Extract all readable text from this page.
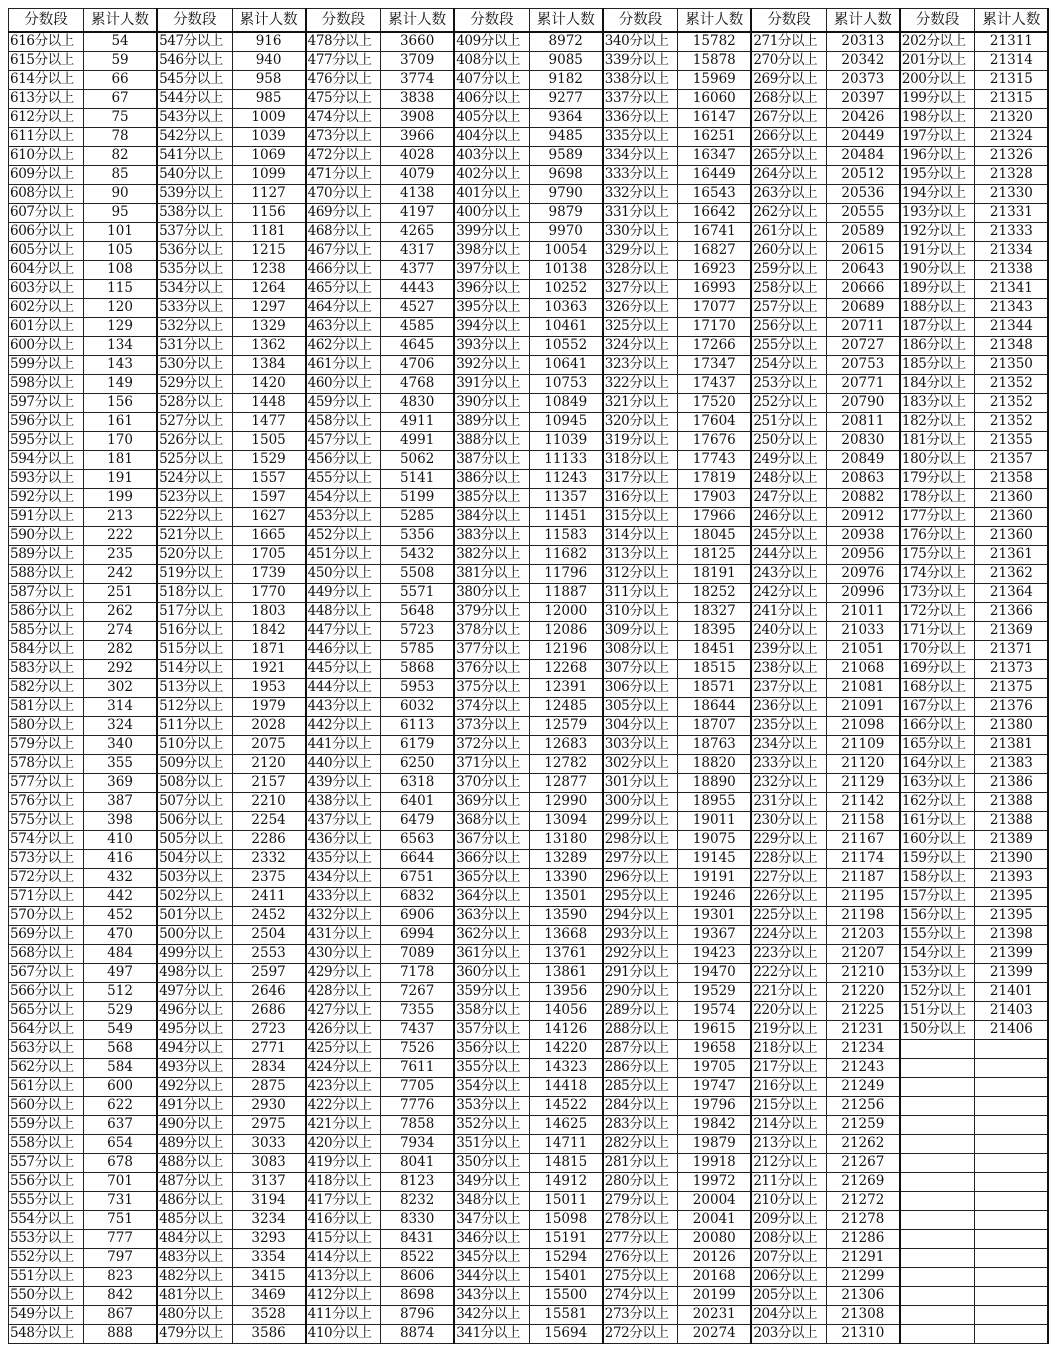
分数段	累计人数	分数段	累计人数	分数段	累计人数	分数段	累计人数	分数段	累计人数	分数段	累计人数	分数段	累计人数
616分以上	54	547分以上	916	478分以上	3660	409分以上	8972	340分以上	15782	271分以上	20313	202分以上	21311
615分以上	59	546分以上	940	477分以上	3709	408分以上	9085	339分以上	15878	270分以上	20342	201分以上	21314
614分以上	66	545分以上	958	476分以上	3774	407分以上	9182	338分以上	15969	269分以上	20373	200分以上	21315
613分以上	67	544分以上	985	475分以上	3838	406分以上	9277	337分以上	16060	268分以上	20397	199分以上	21315
612分以上	75	543分以上	1009	474分以上	3908	405分以上	9364	336分以上	16147	267分以上	20426	198分以上	21320
611分以上	78	542分以上	1039	473分以上	3966	404分以上	9485	335分以上	16251	266分以上	20449	197分以上	21324
610分以上	82	541分以上	1069	472分以上	4028	403分以上	9589	334分以上	16347	265分以上	20484	196分以上	21326
609分以上	85	540分以上	1099	471分以上	4079	402分以上	9698	333分以上	16449	264分以上	20512	195分以上	21328
608分以上	90	539分以上	1127	470分以上	4138	401分以上	9790	332分以上	16543	263分以上	20536	194分以上	21330
607分以上	95	538分以上	1156	469分以上	4197	400分以上	9879	331分以上	16642	262分以上	20555	193分以上	21331
606分以上	101	537分以上	1181	468分以上	4265	399分以上	9970	330分以上	16741	261分以上	20589	192分以上	21333
605分以上	105	536分以上	1215	467分以上	4317	398分以上	10054	329分以上	16827	260分以上	20615	191分以上	21334
604分以上	108	535分以上	1238	466分以上	4377	397分以上	10138	328分以上	16923	259分以上	20643	190分以上	21338
603分以上	115	534分以上	1264	465分以上	4443	396分以上	10252	327分以上	16993	258分以上	20666	189分以上	21341
602分以上	120	533分以上	1297	464分以上	4527	395分以上	10363	326分以上	17077	257分以上	20689	188分以上	21343
601分以上	129	532分以上	1329	463分以上	4585	394分以上	10461	325分以上	17170	256分以上	20711	187分以上	21344
600分以上	134	531分以上	1362	462分以上	4645	393分以上	10552	324分以上	17266	255分以上	20727	186分以上	21348
599分以上	143	530分以上	1384	461分以上	4706	392分以上	10641	323分以上	17347	254分以上	20753	185分以上	21350
598分以上	149	529分以上	1420	460分以上	4768	391分以上	10753	322分以上	17437	253分以上	20771	184分以上	21352
597分以上	156	528分以上	1448	459分以上	4830	390分以上	10849	321分以上	17520	252分以上	20790	183分以上	21352
596分以上	161	527分以上	1477	458分以上	4911	389分以上	10945	320分以上	17604	251分以上	20811	182分以上	21352
595分以上	170	526分以上	1505	457分以上	4991	388分以上	11039	319分以上	17676	250分以上	20830	181分以上	21355
594分以上	181	525分以上	1529	456分以上	5062	387分以上	11133	318分以上	17743	249分以上	20849	180分以上	21357
593分以上	191	524分以上	1557	455分以上	5141	386分以上	11243	317分以上	17819	248分以上	20863	179分以上	21358
592分以上	199	523分以上	1597	454分以上	5199	385分以上	11357	316分以上	17903	247分以上	20882	178分以上	21360
591分以上	213	522分以上	1627	453分以上	5285	384分以上	11451	315分以上	17966	246分以上	20912	177分以上	21360
590分以上	222	521分以上	1665	452分以上	5356	383分以上	11583	314分以上	18045	245分以上	20938	176分以上	21360
589分以上	235	520分以上	1705	451分以上	5432	382分以上	11682	313分以上	18125	244分以上	20956	175分以上	21361
588分以上	242	519分以上	1739	450分以上	5508	381分以上	11796	312分以上	18191	243分以上	20976	174分以上	21362
587分以上	251	518分以上	1770	449分以上	5571	380分以上	11887	311分以上	18252	242分以上	20996	173分以上	21364
586分以上	262	517分以上	1803	448分以上	5648	379分以上	12000	310分以上	18327	241分以上	21011	172分以上	21366
585分以上	274	516分以上	1842	447分以上	5723	378分以上	12086	309分以上	18395	240分以上	21033	171分以上	21369
584分以上	282	515分以上	1871	446分以上	5785	377分以上	12196	308分以上	18451	239分以上	21051	170分以上	21371
583分以上	292	514分以上	1921	445分以上	5868	376分以上	12268	307分以上	18515	238分以上	21068	169分以上	21373
582分以上	302	513分以上	1953	444分以上	5953	375分以上	12391	306分以上	18571	237分以上	21081	168分以上	21375
581分以上	314	512分以上	1979	443分以上	6032	374分以上	12485	305分以上	18644	236分以上	21091	167分以上	21376
580分以上	324	511分以上	2028	442分以上	6113	373分以上	12579	304分以上	18707	235分以上	21098	166分以上	21380
579分以上	340	510分以上	2075	441分以上	6179	372分以上	12683	303分以上	18763	234分以上	21109	165分以上	21381
578分以上	355	509分以上	2120	440分以上	6250	371分以上	12782	302分以上	18820	233分以上	21120	164分以上	21383
577分以上	369	508分以上	2157	439分以上	6318	370分以上	12877	301分以上	18890	232分以上	21129	163分以上	21386
576分以上	387	507分以上	2210	438分以上	6401	369分以上	12990	300分以上	18955	231分以上	21142	162分以上	21388
575分以上	398	506分以上	2254	437分以上	6479	368分以上	13094	299分以上	19011	230分以上	21158	161分以上	21388
574分以上	410	505分以上	2286	436分以上	6563	367分以上	13180	298分以上	19075	229分以上	21167	160分以上	21389
573分以上	416	504分以上	2332	435分以上	6644	366分以上	13289	297分以上	19145	228分以上	21174	159分以上	21390
572分以上	432	503分以上	2375	434分以上	6751	365分以上	13390	296分以上	19191	227分以上	21187	158分以上	21393
571分以上	442	502分以上	2411	433分以上	6832	364分以上	13501	295分以上	19246	226分以上	21195	157分以上	21395
570分以上	452	501分以上	2452	432分以上	6906	363分以上	13590	294分以上	19301	225分以上	21198	156分以上	21395
569分以上	470	500分以上	2504	431分以上	6994	362分以上	13668	293分以上	19367	224分以上	21203	155分以上	21398
568分以上	484	499分以上	2553	430分以上	7089	361分以上	13761	292分以上	19423	223分以上	21207	154分以上	21399
567分以上	497	498分以上	2597	429分以上	7178	360分以上	13861	291分以上	19470	222分以上	21210	153分以上	21399
566分以上	512	497分以上	2646	428分以上	7267	359分以上	13956	290分以上	19529	221分以上	21220	152分以上	21401
565分以上	529	496分以上	2686	427分以上	7355	358分以上	14056	289分以上	19574	220分以上	21225	151分以上	21403
564分以上	549	495分以上	2723	426分以上	7437	357分以上	14126	288分以上	19615	219分以上	21231	150分以上	21406
563分以上	568	494分以上	2771	425分以上	7526	356分以上	14220	287分以上	19658	218分以上	21234		
562分以上	584	493分以上	2834	424分以上	7611	355分以上	14323	286分以上	19705	217分以上	21243		
561分以上	600	492分以上	2875	423分以上	7705	354分以上	14418	285分以上	19747	216分以上	21249		
560分以上	622	491分以上	2930	422分以上	7776	353分以上	14522	284分以上	19796	215分以上	21256		
559分以上	637	490分以上	2975	421分以上	7858	352分以上	14625	283分以上	19842	214分以上	21259		
558分以上	654	489分以上	3033	420分以上	7934	351分以上	14711	282分以上	19879	213分以上	21262		
557分以上	678	488分以上	3083	419分以上	8041	350分以上	14815	281分以上	19918	212分以上	21267		
556分以上	701	487分以上	3137	418分以上	8123	349分以上	14912	280分以上	19972	211分以上	21269		
555分以上	731	486分以上	3194	417分以上	8232	348分以上	15011	279分以上	20004	210分以上	21272		
554分以上	751	485分以上	3234	416分以上	8330	347分以上	15098	278分以上	20041	209分以上	21278		
553分以上	777	484分以上	3293	415分以上	8431	346分以上	15191	277分以上	20080	208分以上	21286		
552分以上	797	483分以上	3354	414分以上	8522	345分以上	15294	276分以上	20126	207分以上	21291		
551分以上	823	482分以上	3415	413分以上	8606	344分以上	15401	275分以上	20168	206分以上	21299		
550分以上	842	481分以上	3469	412分以上	8698	343分以上	15500	274分以上	20199	205分以上	21306		
549分以上	867	480分以上	3528	411分以上	8796	342分以上	15581	273分以上	20231	204分以上	21308		
548分以上	888	479分以上	3586	410分以上	8874	341分以上	15694	272分以上	20274	203分以上	21310		
